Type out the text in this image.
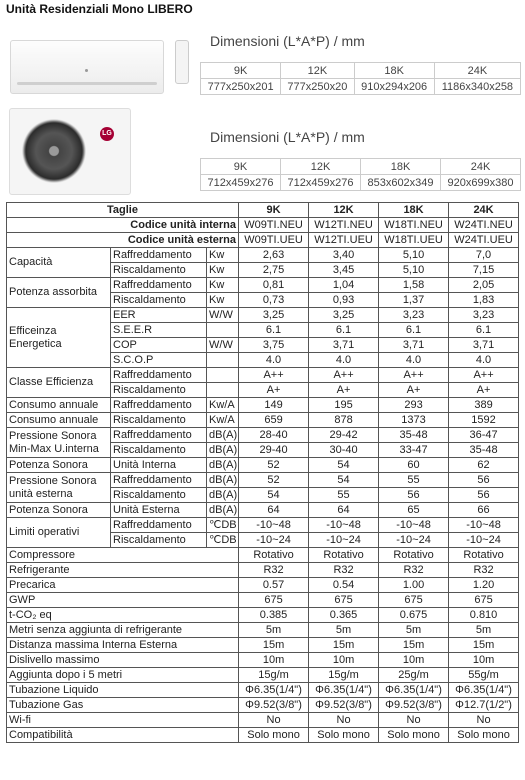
Unità Residenziali Mono LIBERO
Dimensioni (L*A*P) / mm
9K	12K	18K	24K
777x250x201	777x250x20	910x294x206	1186x340x258
LG	Dimensioni (L*A*P) / mm
9K	12K	18K	24K
712x459x276	712x459x276	853x602x349	920x699x380
Taglie			9K	12K	18K	24K
Codice unità interna			W09TI.NEU	W12TI.NEU	W18TI.NEU	W24TI.NEU
Codice unità esterna			W09TI.UEU	W12TI.UEU	W18TI.UEU	W24TI.UEU
Capacità	Raffreddamento	Kw	2,63	3,40	5,10	7,0
	Riscaldamento	Kw	2,75	3,45	5,10	7,15
Potenza assorbita	Raffreddamento	Kw	0,81	1,04	1,58	2,05
	Riscaldamento	Kw	0,73	0,93	1,37	1,83
Efficeinza Energetica	EER	W/W	3,25	3,25	3,23	3,23
	S.E.E.R		6.1	6.1	6.1	6.1
	COP	W/W	3,75	3,71	3,71	3,71
	S.C.O.P		4.0	4.0	4.0	4.0
Classe Efficienza	Raffreddamento		A++	A++	A++	A++
	Riscaldamento		A+	A+	A+	A+
Consumo annuale	Raffreddamento	Kw/A	149	195	293	389
Consumo annuale	Riscaldamento	Kw/A	659	878	1373	1592
Pressione Sonora Min-Max U.interna	Raffreddamento	dB(A)	28-40	29-42	35-48	36-47
	Riscaldamento	dB(A)	29-40	30-40	33-47	35-48
Potenza Sonora	Unità Interna	dB(A)	52	54	60	62
Pressione Sonora unità esterna	Raffreddamento	dB(A)	52	54	55	56
	Riscaldamento	dB(A)	54	55	56	56
Potenza Sonora	Unità Esterna	dB(A)	64	64	65	66
Limiti operativi	Raffreddamento	℃DB	-10~48	-10~48	-10~48	-10~48
	Riscaldamento	℃DB	-10~24	-10~24	-10~24	-10~24
Compressore			Rotativo	Rotativo	Rotativo	Rotativo
Refrigerante			R32	R32	R32	R32
Precarica			0.57	0.54	1.00	1.20
GWP			675	675	675	675
t-CO₂ eq			0.385	0.365	0.675	0.810
Metri senza aggiunta di refrigerante			5m	5m	5m	5m
Distanza massima Interna Esterna			15m	15m	15m	15m
Dislivello massimo			10m	10m	10m	10m
Aggiunta dopo i 5 metri			15g/m	15g/m	25g/m	55g/m
Tubazione Liquido			Φ6.35(1/4")	Φ6.35(1/4")	Φ6.35(1/4")	Φ6.35(1/4")
Tubazione Gas			Φ9.52(3/8")	Φ9.52(3/8")	Φ9.52(3/8")	Φ12.7(1/2")
Wi-fi			No	No	No	No
Compatibilità			Solo mono	Solo mono	Solo mono	Solo mono
